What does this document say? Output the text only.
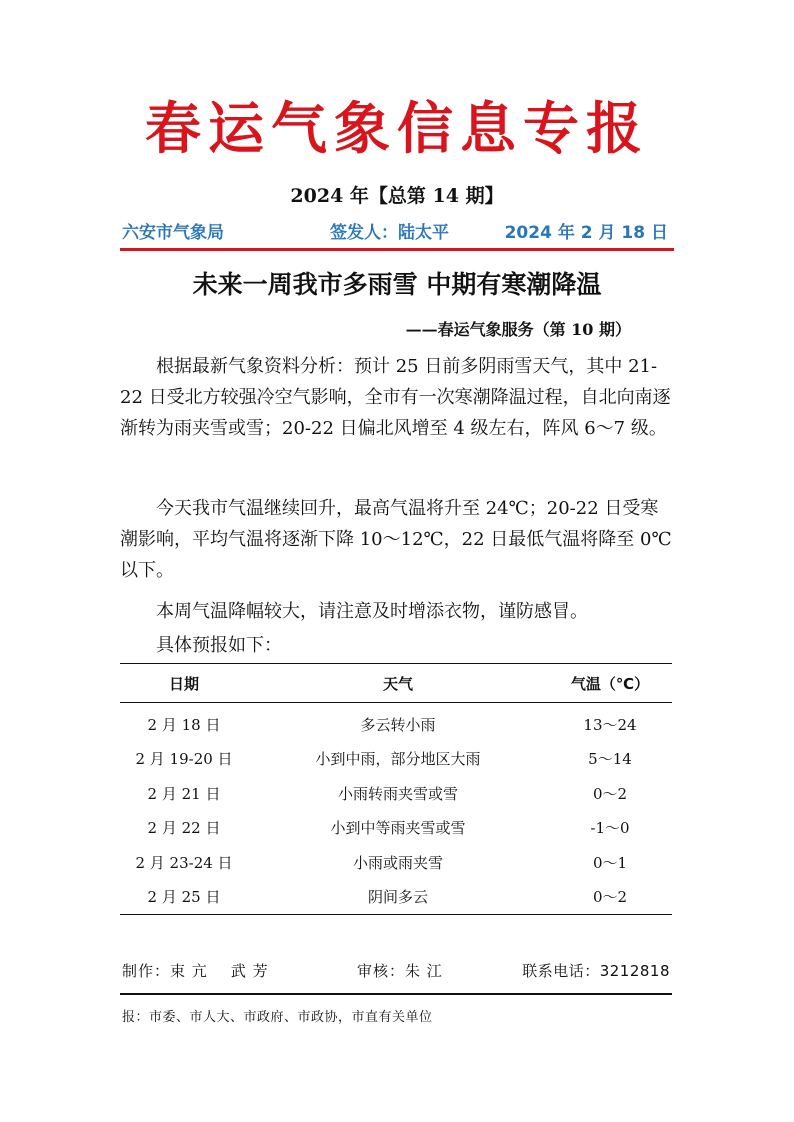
春运气象信息专报
2024 年【总第 14 期】
六安市气象局	签发人：陆太平	2024 年 2 月 18 日
未来一周我市多雨雪 中期有寒潮降温
——春运气象服务（第 10 期）

根据最新气象资料分析：预计 25 日前多阴雨雪天气，其中 21-22 日受北方较强冷空气影响，全市有一次寒潮降温过程，自北向南逐渐转为雨夹雪或雪；20-22 日偏北风增至 4 级左右，阵风 6～7 级。

今天我市气温继续回升，最高气温将升至 24℃；20-22 日受寒潮影响，平均气温将逐渐下降 10～12℃，22 日最低气温将降至 0℃以下。

本周气温降幅较大，请注意及时增添衣物，谨防感冒。

具体预报如下：

日期	天气	气温（℃）
2 月 18 日	多云转小雨	13～24
2 月 19-20 日	小到中雨，部分地区大雨	5～14
2 月 21 日	小雨转雨夹雪或雪	0～2
2 月 22 日	小到中等雨夹雪或雪	-1～0
2 月 23-24 日	小雨或雨夹雪	0～1
2 月 25 日	阴间多云	0～2
制作：束 亢    武 芳	审核：朱 江	联系电话：3212818
报：市委、市人大、市政府、市政协，市直有关单位
